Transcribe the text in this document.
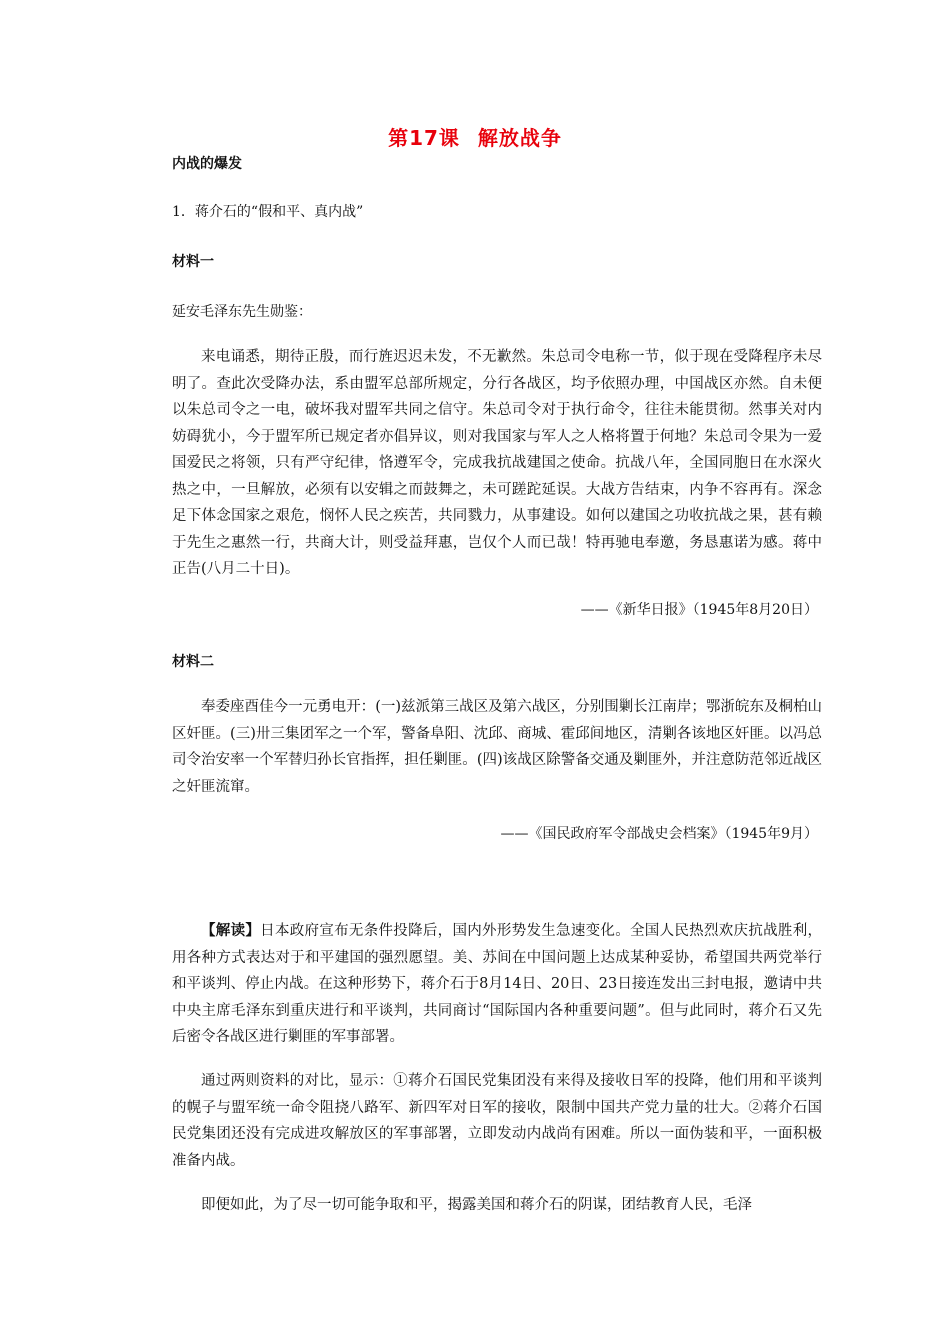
第17课 解放战争
内战的爆发
1．蒋介石的“假和平、真内战”
材料一
延安毛泽东先生勋鉴：

来电诵悉，期待正殷，而行旌迟迟未发，不无歉然。朱总司令电称一节，似于现在受降程序未尽明了。查此次受降办法，系由盟军总部所规定，分行各战区，均予依照办理，中国战区亦然。自未便以朱总司令之一电，破坏我对盟军共同之信守。朱总司令对于执行命令，往往未能贯彻。然事关对内妨碍犹小，今于盟军所已规定者亦倡异议，则对我国家与军人之人格将置于何地？朱总司令果为一爱国爱民之将领，只有严守纪律，恪遵军令，完成我抗战建国之使命。抗战八年，全国同胞日在水深火热之中，一旦解放，必须有以安辑之而鼓舞之，未可蹉跎延误。大战方告结束，内争不容再有。深念足下体念国家之艰危，悯怀人民之疾苦，共同戮力，从事建设。如何以建国之功收抗战之果，甚有赖于先生之惠然一行，共商大计，则受益拜惠，岂仅个人而已哉！特再驰电奉邀，务恳惠诺为感。蒋中正告(八月二十日)。

——《新华日报》（1945年8月20日）
材料二

奉委座酉佳今一元勇电开：(一)兹派第三战区及第六战区，分别围剿长江南岸；鄂浙皖东及桐柏山区奸匪。(三)卅三集团军之一个军，警备阜阳、沈邱、商城、霍邱间地区，清剿各该地区奸匪。以冯总司令治安率一个军替归孙长官指挥，担任剿匪。(四)该战区除警备交通及剿匪外，并注意防范邻近战区之奸匪流窜。

——《国民政府军令部战史会档案》（1945年9月）

【解读】日本政府宣布无条件投降后，国内外形势发生急速变化。全国人民热烈欢庆抗战胜利，用各种方式表达对于和平建国的强烈愿望。美、苏间在中国问题上达成某种妥协，希望国共两党举行和平谈判、停止内战。在这种形势下，蒋介石于8月14日、20日、23日接连发出三封电报，邀请中共中央主席毛泽东到重庆进行和平谈判，共同商讨“国际国内各种重要问题”。但与此同时，蒋介石又先后密令各战区进行剿匪的军事部署。

通过两则资料的对比，显示：①蒋介石国民党集团没有来得及接收日军的投降，他们用和平谈判的幌子与盟军统一命令阻挠八路军、新四军对日军的接收，限制中国共产党力量的壮大。②蒋介石国民党集团还没有完成进攻解放区的军事部署，立即发动内战尚有困难。所以一面伪装和平，一面积极准备内战。

即便如此，为了尽一切可能争取和平，揭露美国和蒋介石的阴谋，团结教育人民，毛泽
